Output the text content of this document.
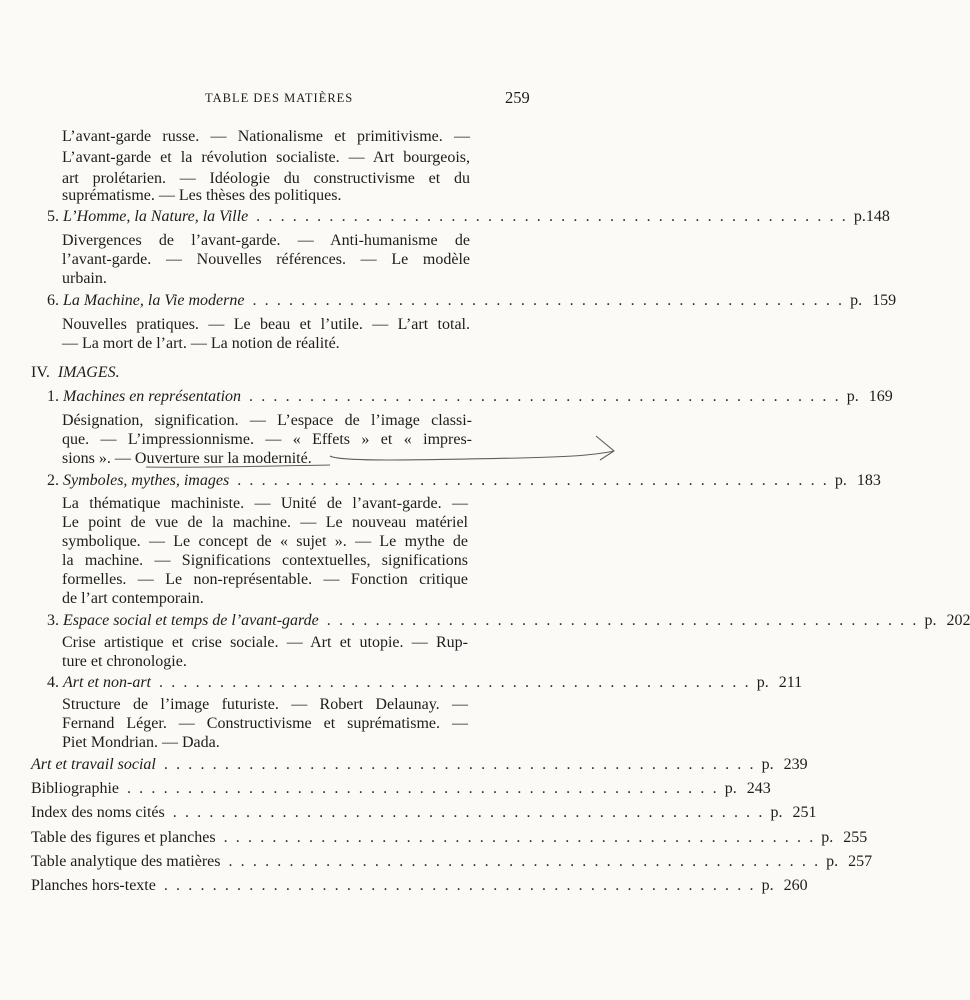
TABLE DES MATIÈRES	259
L’avant-garde russe. — Nationalisme et primitivisme. —
L’avant-garde et la révolution socialiste. — Art bourgeois,
art prolétarien. — Idéologie du constructivisme et du
suprématisme. — Les thèses des politiques.
5. L’Homme, la Nature, la Ville . . . . . . . . . . . . . . . . . . . . . . . . . . . . . . . . . . . . . . . . . . . . . . . . . p.148
Divergences de l’avant-garde. — Anti-humanisme de
l’avant-garde. — Nouvelles références. — Le modèle
urbain.
6. La Machine, la Vie moderne . . . . . . . . . . . . . . . . . . . . . . . . . . . . . . . . . . . . . . . . . . . . . . . . . p. 159
Nouvelles pratiques. — Le beau et l’utile. — L’art total.
— La mort de l’art. — La notion de réalité.
IV. IMAGES.
1. Machines en représentation . . . . . . . . . . . . . . . . . . . . . . . . . . . . . . . . . . . . . . . . . . . . . . . . . p. 169
Désignation, signification. — L’espace de l’image classi-
que. — L’impressionnisme. — « Effets » et « impres-
sions ». — Ouverture sur la modernité.
2. Symboles, mythes, images . . . . . . . . . . . . . . . . . . . . . . . . . . . . . . . . . . . . . . . . . . . . . . . . . p. 183
La thématique machiniste. — Unité de l’avant-garde. —
Le point de vue de la machine. — Le nouveau matériel
symbolique. — Le concept de « sujet ». — Le mythe de
la machine. — Significations contextuelles, significations
formelles. — Le non-représentable. — Fonction critique
de l’art contemporain.
3. Espace social et temps de l’avant-garde . . . . . . . . . . . . . . . . . . . . . . . . . . . . . . . . . . . . . . . . . . . . . . . . . p. 202
Crise artistique et crise sociale. — Art et utopie. — Rup-
ture et chronologie.
4. Art et non-art . . . . . . . . . . . . . . . . . . . . . . . . . . . . . . . . . . . . . . . . . . . . . . . . . p. 211
Structure de l’image futuriste. — Robert Delaunay. —
Fernand Léger. — Constructivisme et suprématisme. —
Piet Mondrian. — Dada.
Art et travail social . . . . . . . . . . . . . . . . . . . . . . . . . . . . . . . . . . . . . . . . . . . . . . . . . p. 239
Bibliographie . . . . . . . . . . . . . . . . . . . . . . . . . . . . . . . . . . . . . . . . . . . . . . . . . p. 243
Index des noms cités . . . . . . . . . . . . . . . . . . . . . . . . . . . . . . . . . . . . . . . . . . . . . . . . . p. 251
Table des figures et planches . . . . . . . . . . . . . . . . . . . . . . . . . . . . . . . . . . . . . . . . . . . . . . . . . p. 255
Table analytique des matières . . . . . . . . . . . . . . . . . . . . . . . . . . . . . . . . . . . . . . . . . . . . . . . . . p. 257
Planches hors-texte . . . . . . . . . . . . . . . . . . . . . . . . . . . . . . . . . . . . . . . . . . . . . . . . . p. 260
